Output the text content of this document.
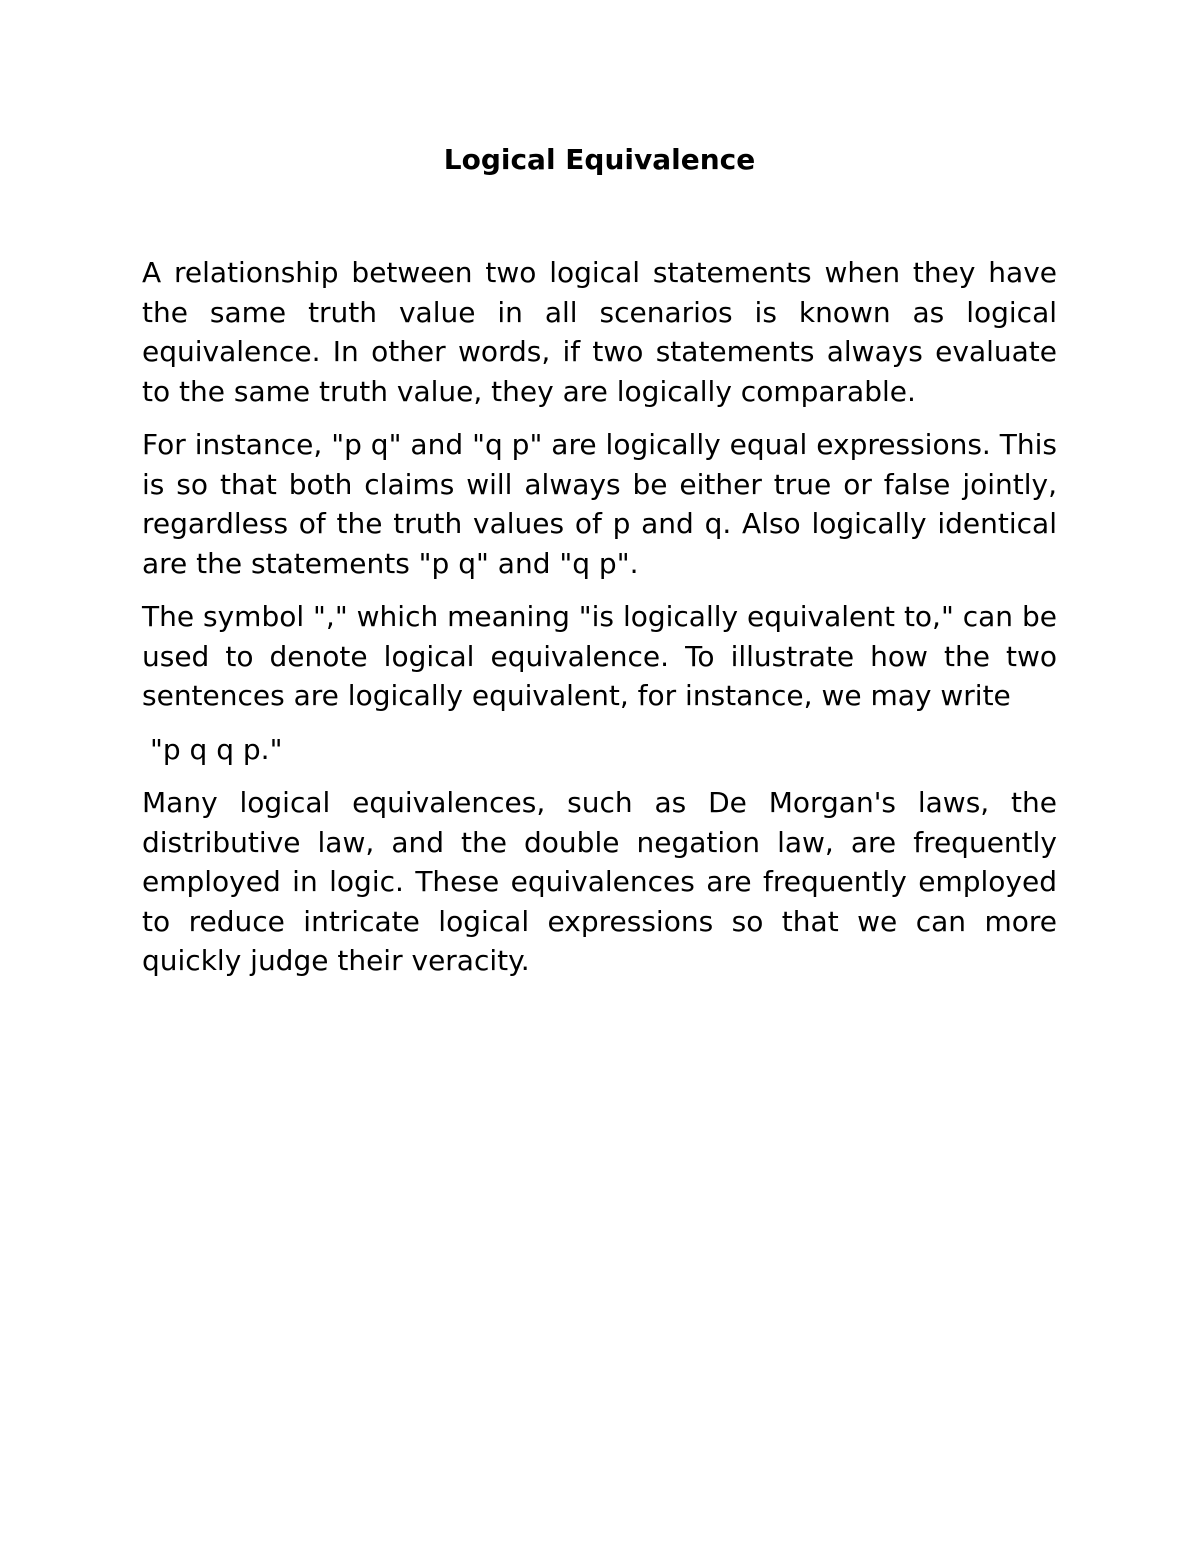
Logical Equivalence
A relationship between two logical statements when they have the same truth value in all scenarios is known as logical equivalence. In other words, if two statements always evaluate to the same truth value, they are logically comparable.
For instance, "p q" and "q p" are logically equal expressions. This is so that both claims will always be either true or false jointly, regardless of the truth values of p and q. Also logically identical are the statements "p q" and "q p".
The symbol "," which meaning "is logically equivalent to," can be used to denote logical equivalence. To illustrate how the two sentences are logically equivalent, for instance, we may write
"p q q p."
Many logical equivalences, such as De Morgan's laws, the distributive law, and the double negation law, are frequently employed in logic. These equivalences are frequently employed to reduce intricate logical expressions so that we can more quickly judge their veracity.
